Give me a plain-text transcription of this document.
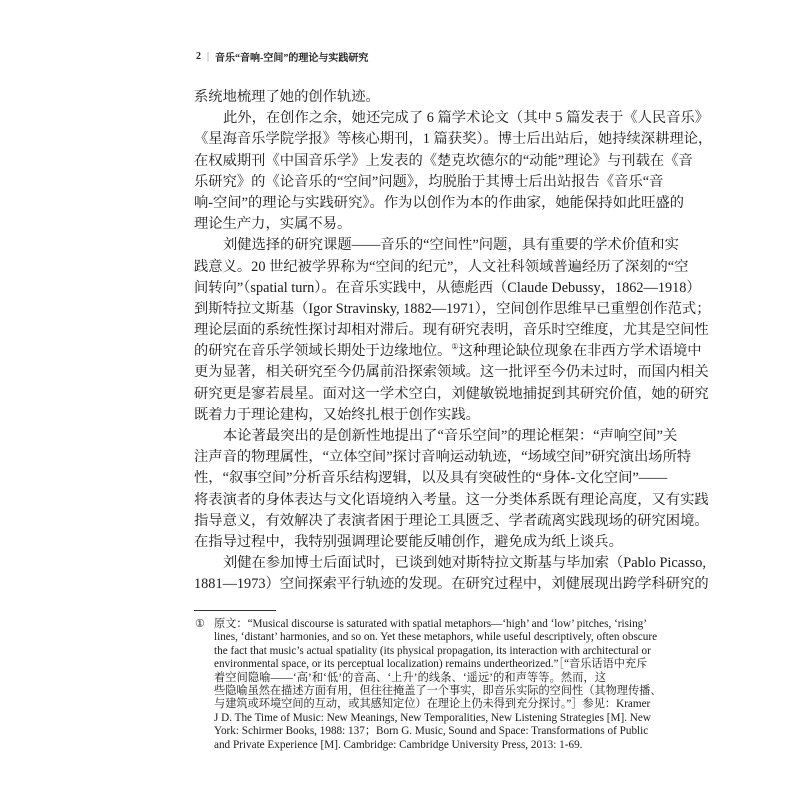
2 | 音乐“音响-空间”的理论与实践研究
系统地梳理了她的创作轨迹。
此外，在创作之余，她还完成了 6 篇学术论文（其中 5 篇发表于《人民音乐》
《星海音乐学院学报》等核心期刊，1 篇获奖）。博士后出站后，她持续深耕理论，
在权威期刊《中国音乐学》上发表的《楚克坎德尔的“动能”理论》与刊载在《音
乐研究》的《论音乐的“空间”问题》，均脱胎于其博士后出站报告《音乐“音
响-空间”的理论与实践研究》。作为以创作为本的作曲家，她能保持如此旺盛的
理论生产力，实属不易。
刘健选择的研究课题——音乐的“空间性”问题，具有重要的学术价值和实
践意义。20 世纪被学界称为“空间的纪元”，人文社科领域普遍经历了深刻的“空
间转向”（spatial turn）。在音乐实践中，从德彪西（Claude Debussy，1862—1918）
到斯特拉文斯基（Igor Stravinsky, 1882—1971），空间创作思维早已重塑创作范式；
理论层面的系统性探讨却相对滞后。现有研究表明，音乐时空维度，尤其是空间性
的研究在音乐学领域长期处于边缘地位。①这种理论缺位现象在非西方学术语境中
更为显著，相关研究至今仍属前沿探索领域。这一批评至今仍未过时，而国内相关
研究更是寥若晨星。面对这一学术空白，刘健敏锐地捕捉到其研究价值，她的研究
既着力于理论建构，又始终扎根于创作实践。
本论著最突出的是创新性地提出了“音乐空间”的理论框架：“声响空间”关
注声音的物理属性，“立体空间”探讨音响运动轨迹，“场域空间”研究演出场所特
性，“叙事空间”分析音乐结构逻辑，以及具有突破性的“身体-文化空间”——
将表演者的身体表达与文化语境纳入考量。这一分类体系既有理论高度，又有实践
指导意义，有效解决了表演者困于理论工具匮乏、学者疏离实践现场的研究困境。
在指导过程中，我特别强调理论要能反哺创作，避免成为纸上谈兵。
刘健在参加博士后面试时，已谈到她对斯特拉文斯基与毕加索（Pablo Picasso,
1881—1973）空间探索平行轨迹的发现。在研究过程中，刘健展现出跨学科研究的
① 原文：“Musical discourse is saturated with spatial metaphors—‘high’ and ‘low’ pitches, ‘rising’
lines, ‘distant’ harmonies, and so on. Yet these metaphors, while useful descriptively, often obscure
the fact that music’s actual spatiality (its physical propagation, its interaction with architectural or
environmental space, or its perceptual localization) remains undertheorized.”［“音乐话语中充斥
着空间隐喻——‘高’和‘低’的音高、‘上升’的线条、‘遥远’的和声等等。然而，这
些隐喻虽然在描述方面有用，但往往掩盖了一个事实，即音乐实际的空间性（其物理传播、
与建筑或环境空间的互动，或其感知定位）在理论上仍未得到充分探讨。”］参见：Kramer
J D. The Time of Music: New Meanings, New Temporalities, New Listening Strategies [M]. New
York: Schirmer Books, 1988: 137；Born G. Music, Sound and Space: Transformations of Public
and Private Experience [M]. Cambridge: Cambridge University Press, 2013: 1-69.
